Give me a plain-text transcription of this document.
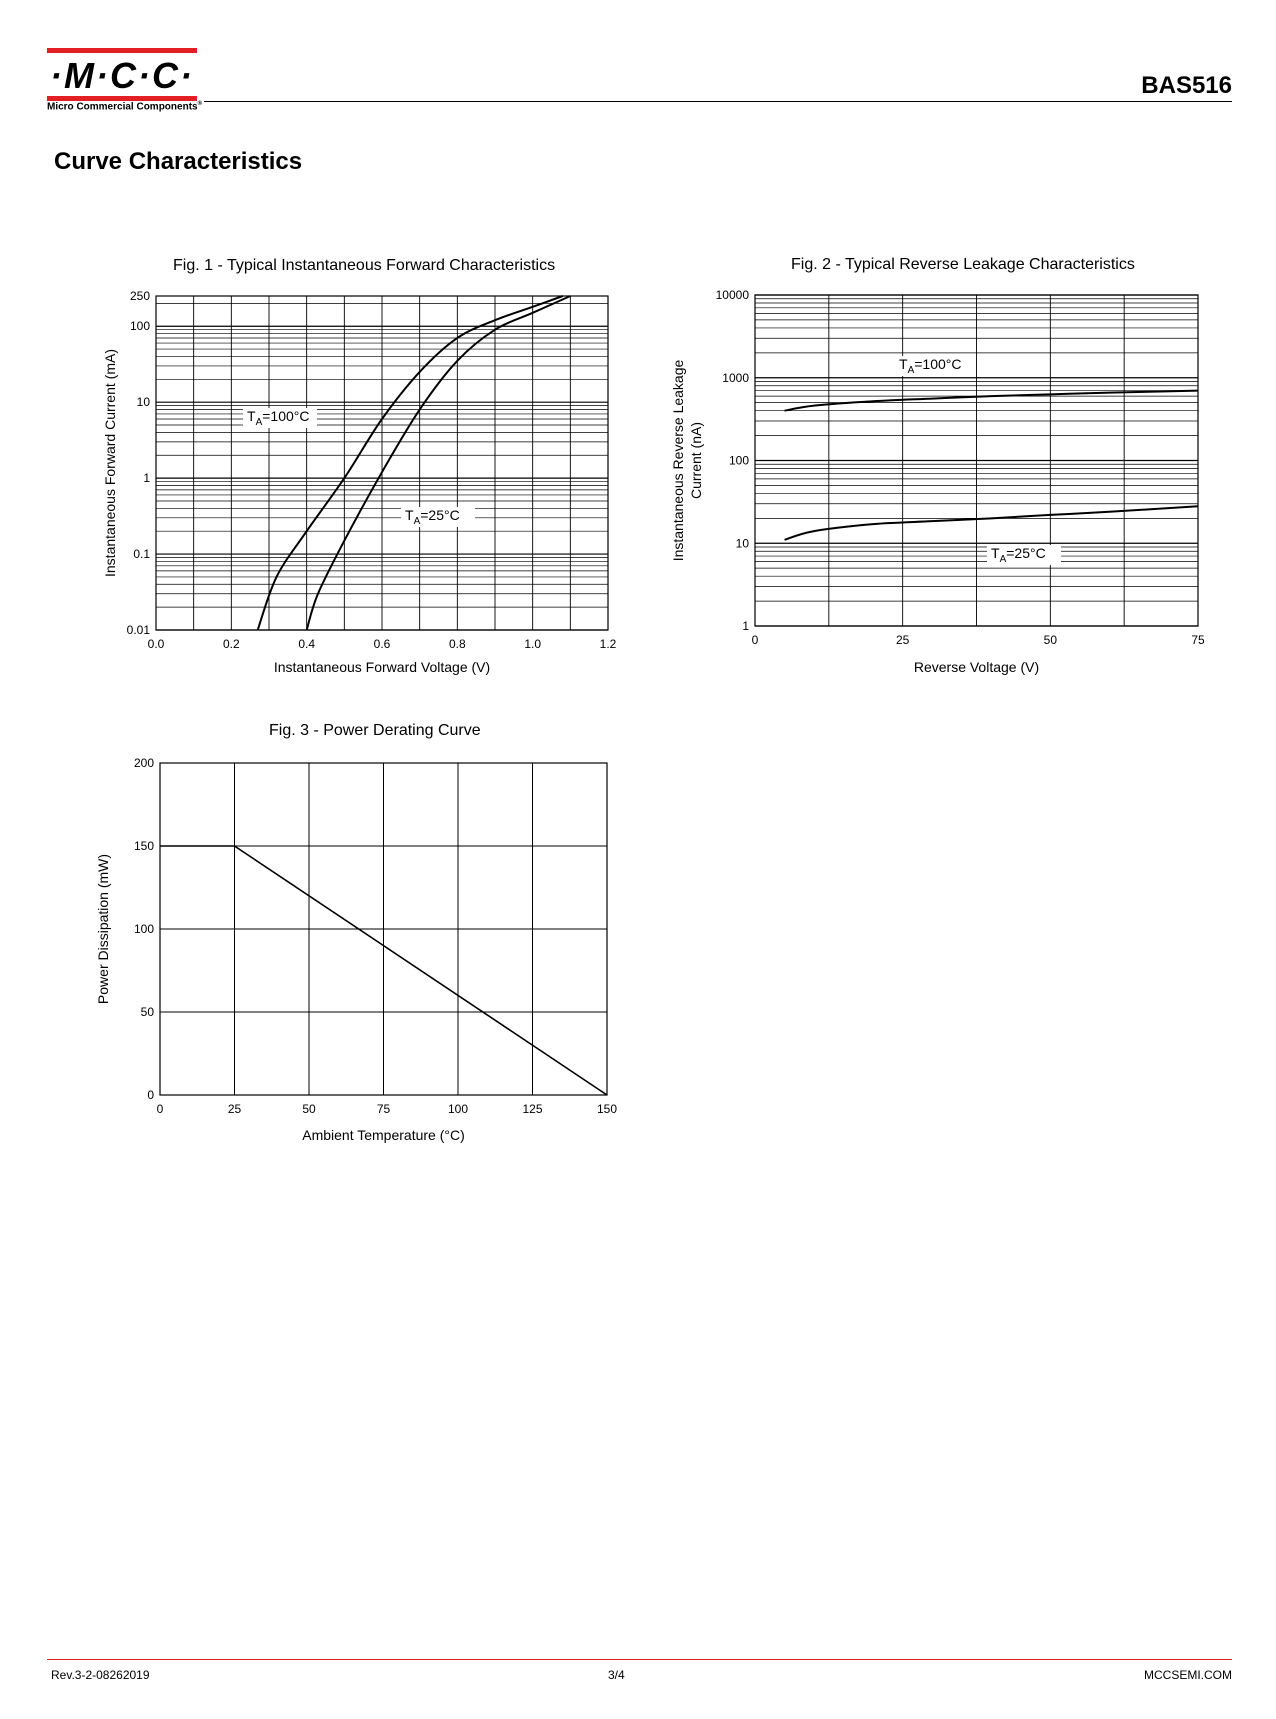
·M·C·C·
Micro Commercial Components®
BAS516
Curve Characteristics
Fig. 1 - Typical Instantaneous Forward Characteristics	Fig. 2 - Typical Reverse Leakage Characteristics
Fig. 3 - Power Derating Curve
$T_A=100^\circ C$
$T_A=25^\circ C$
0.0	0.2	0.4	0.6	0.8	1.0	1.2
0.01
0.1
1
10
100
250
Instantaneous Forward Voltage (V)
Instantaneous Forward Current (mA)	$T_A=100^\circ C$
$T_A=25^\circ C$
0	25	50	75
1
10
100
1000
10000
Reverse Voltage (V)
Instantaneous Reverse Leakage Current (nA)
0	25	50	75	100	125	150
0
50
100
150
200
Ambient Temperature (°C)
Power Dissipation (mW)
Rev.3-2-08262019	3/4	MCCSEMI.COM
